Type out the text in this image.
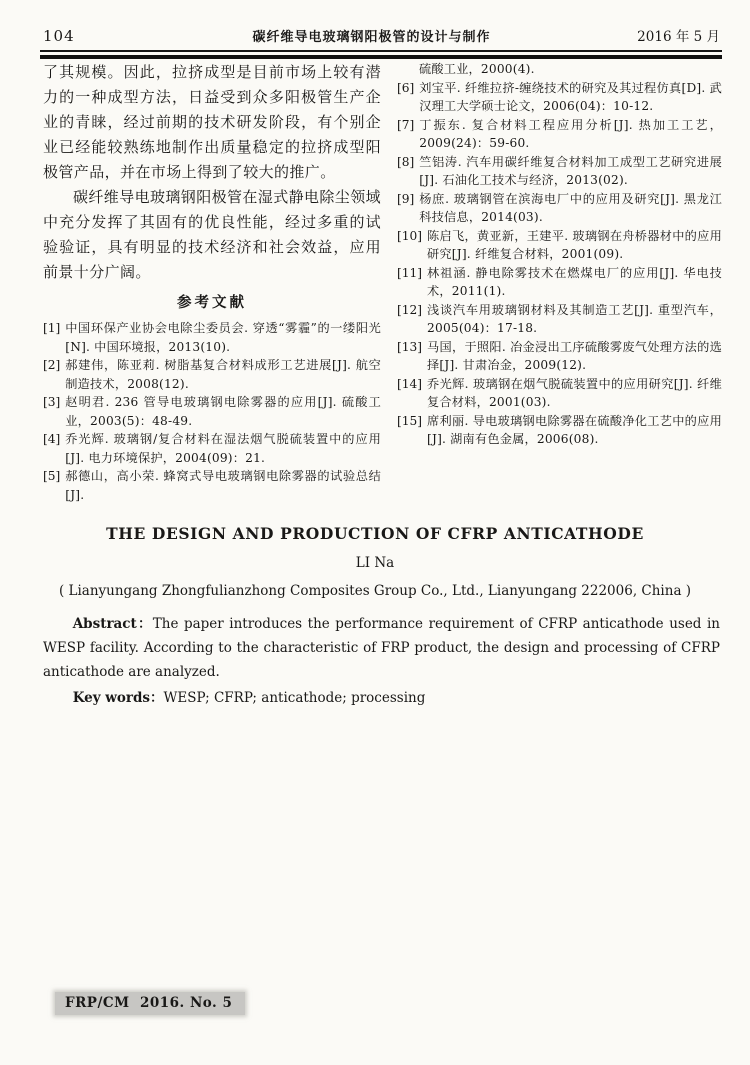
104	碳纤维导电玻璃钢阳极管的设计与制作	2016 年 5 月

了其规模。因此，拉挤成型是目前市场上较有潜力的一种成型方法，日益受到众多阳极管生产企业的青睐，经过前期的技术研发阶段，有个别企业已经能较熟练地制作出质量稳定的拉挤成型阳极管产品，并在市场上得到了较大的推广。

碳纤维导电玻璃钢阳极管在湿式静电除尘领域中充分发挥了其固有的优良性能，经过多重的试验验证，具有明显的技术经济和社会效益，应用前景十分广阔。

参考文献
[1] 中国环保产业协会电除尘委员会. 穿透“雾霾”的一缕阳光[N]. 中国环境报，2013(10).
[2] 郝建伟，陈亚莉. 树脂基复合材料成形工艺进展[J]. 航空制造技术，2008(12).
[3] 赵明君. 236 管导电玻璃钢电除雾器的应用[J]. 硫酸工业，2003(5)：48-49.
[4] 乔光辉. 玻璃钢/复合材料在湿法烟气脱硫装置中的应用[J]. 电力环境保护，2004(09)：21.
[5] 郝德山，高小荣. 蜂窝式导电玻璃钢电除雾器的试验总结[J].
硫酸工业，2000(4).
[6] 刘宝平. 纤维拉挤-缠绕技术的研究及其过程仿真[D]. 武汉理工大学硕士论文，2006(04)：10-12.
[7] 丁振东. 复合材料工程应用分析[J]. 热加工工艺，2009(24)：59-60.
[8] 竺铝涛. 汽车用碳纤维复合材料加工成型工艺研究进展[J]. 石油化工技术与经济，2013(02).
[9] 杨庶. 玻璃钢管在滨海电厂中的应用及研究[J]. 黑龙江科技信息，2014(03).
[10] 陈启飞，黄亚新，王建平. 玻璃钢在舟桥器材中的应用研究[J]. 纤维复合材料，2001(09).
[11] 林祖涵. 静电除雾技术在燃煤电厂的应用[J]. 华电技术，2011(1).
[12] 浅谈汽车用玻璃钢材料及其制造工艺[J]. 重型汽车，2005(04)：17-18.
[13] 马国，于照阳. 冶金浸出工序硫酸雾废气处理方法的选择[J]. 甘肃冶金，2009(12).
[14] 乔光辉. 玻璃钢在烟气脱硫装置中的应用研究[J]. 纤维复合材料，2001(03).
[15] 席利丽. 导电玻璃钢电除雾器在硫酸净化工艺中的应用[J]. 湖南有色金属，2006(08).
THE DESIGN AND PRODUCTION OF CFRP ANTICATHODE
LI Na
( Lianyungang Zhongfulianzhong Composites Group Co., Ltd., Lianyungang 222006, China )

Abstract：The paper introduces the performance requirement of CFRP anticathode used in WESP facility. According to the characteristic of FRP product, the design and processing of CFRP anticathode are analyzed.

Key words：WESP; CFRP; anticathode; processing

FRP/CM  2016. No. 5
